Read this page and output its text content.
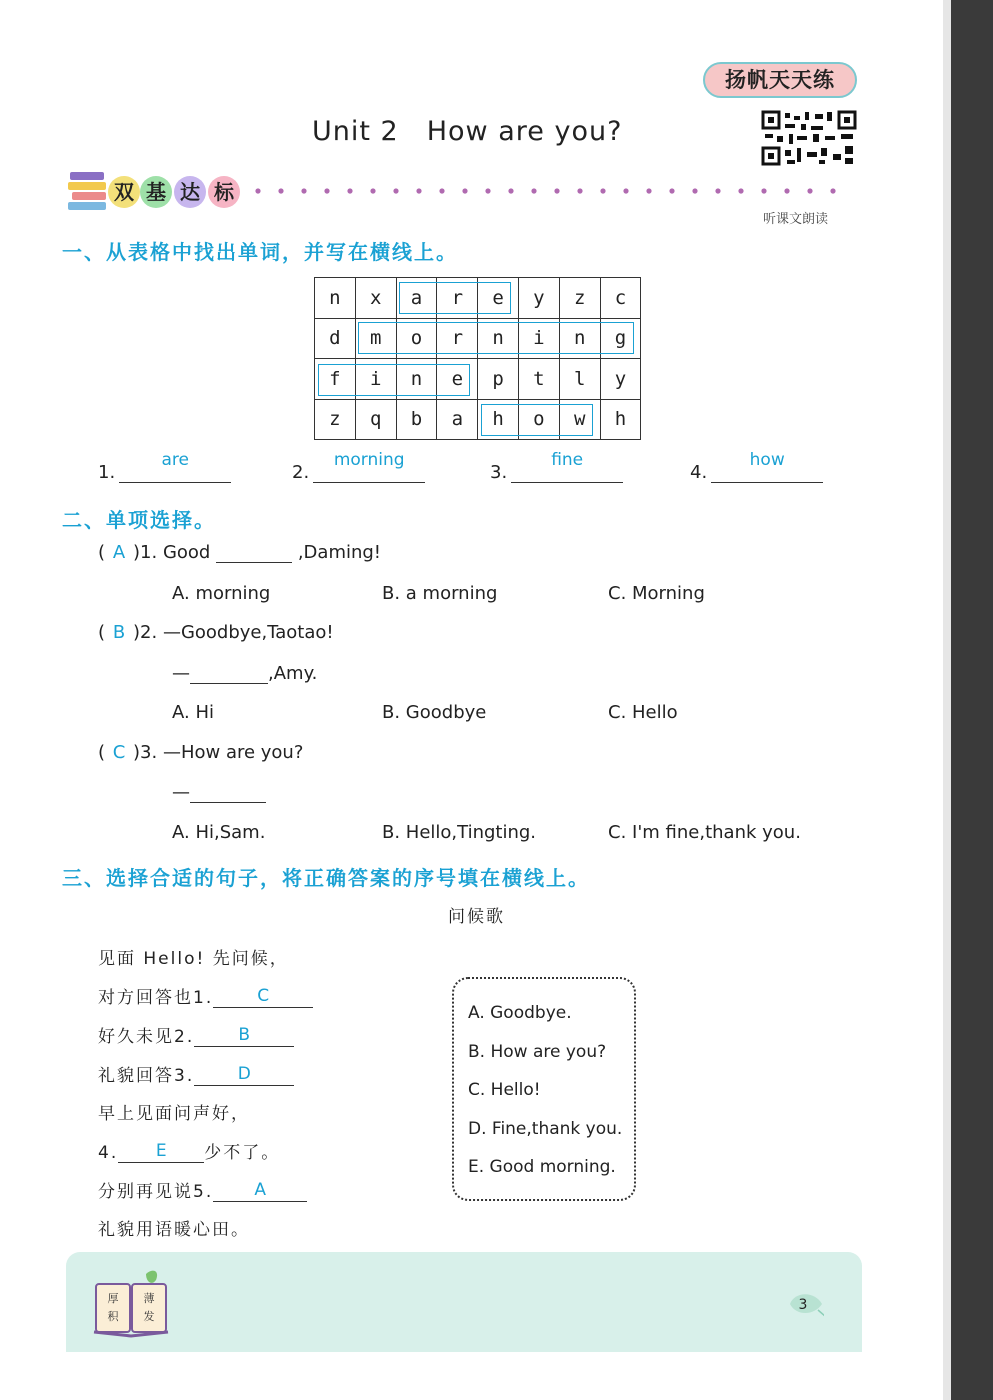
扬帆天天练
听课文朗读
Unit 2 How are you?
双 基 达 标
一、从表格中找出单词，并写在横线上。
n	x	a	r	e	y	z	c
d	m	o	r	n	i	n	g
f	i	n	e	p	t	l	y
z	q	b	a	h	o	w	h
1.
are
2.
morning
3.
fine
4.
how
二、单项选择。
( A )1. Good	,Daming!
A. morning	B. a morning	C. Morning
( B )2. —Goodbye,Taotao!
—	,Amy.
A. Hi	B. Goodbye	C. Hello
( C )3. —How are you?
—
A. Hi,Sam.	B. Hello,Tingting.	C. I'm fine,thank you.
三、选择合适的句子，将正确答案的序号填在横线上。
问候歌
见面 Hello! 先问候，
对方回答也1.	C
好久未见2.	B
礼貌回答3.	D
早上见面问声好，
4.	E	少不了。
分别再见说5.	A
礼貌用语暖心田。
A. Goodbye.
B. How are you?
C. Hello!
D. Fine,thank you.
E. Good morning.
厚 薄
积 发
3
